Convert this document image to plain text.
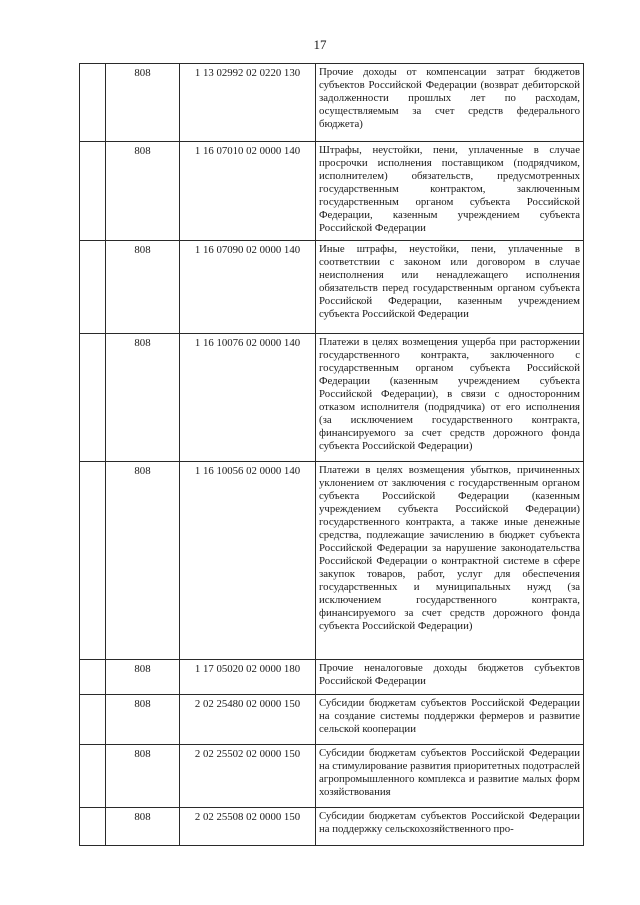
17
	808	1 13 02992 02 0220 130	Прочие доходы от компенсации затрат бюджетов субъектов Российской Федерации (возврат дебиторской задолженности прошлых лет по расходам, осуществляемым за счет средств федерального бюджета)
	808	1 16 07010 02 0000 140	Штрафы, неустойки, пени, уплаченные в случае просрочки исполнения поставщиком (подрядчиком, исполнителем) обязательств, предусмотренных государственным контрактом, заключенным государственным органом субъекта Российской Федерации, казенным учреждением субъекта Российской Федерации
	808	1 16 07090 02 0000 140	Иные штрафы, неустойки, пени, уплаченные в соответствии с законом или договором в случае неисполнения или ненадлежащего исполнения обязательств перед государственным органом субъекта Российской Федерации, казенным учреждением субъекта Российской Федерации
	808	1 16 10076 02 0000 140	Платежи в целях возмещения ущерба при расторжении государственного контракта, заключенного с государственным органом субъекта Российской Федерации (казенным учреждением субъекта Российской Федерации), в связи с односторонним отказом исполнителя (подрядчика) от его исполнения (за исключением государственного контракта, финансируемого за счет средств дорожного фонда субъекта Российской Федерации)
	808	1 16 10056 02 0000 140	Платежи в целях возмещения убытков, причиненных уклонением от заключения с государственным органом субъекта Российской Федерации (казенным учреждением субъекта Российской Федерации) государственного контракта, а также иные денежные средства, подлежащие зачислению в бюджет субъекта Российской Федерации за нарушение законодательства Российской Федерации о контрактной системе в сфере закупок товаров, работ, услуг для обеспечения государственных и муниципальных нужд (за исключением государственного контракта, финансируемого за счет средств дорожного фонда субъекта Российской Федерации)
	808	1 17 05020 02 0000 180	Прочие неналоговые доходы бюджетов субъектов Российской Федерации
	808	2 02 25480 02 0000 150	Субсидии бюджетам субъектов Российской Федерации на создание системы поддержки фермеров и развитие сельской кооперации
	808	2 02 25502 02 0000 150	Субсидии бюджетам субъектов Российской Федерации на стимулирование развития приоритетных подотраслей агропромышленного комплекса и развитие малых форм хозяйствования
	808	2 02 25508 02 0000 150	Субсидии бюджетам субъектов Российской Федерации на поддержку сельскохозяйственного про-
